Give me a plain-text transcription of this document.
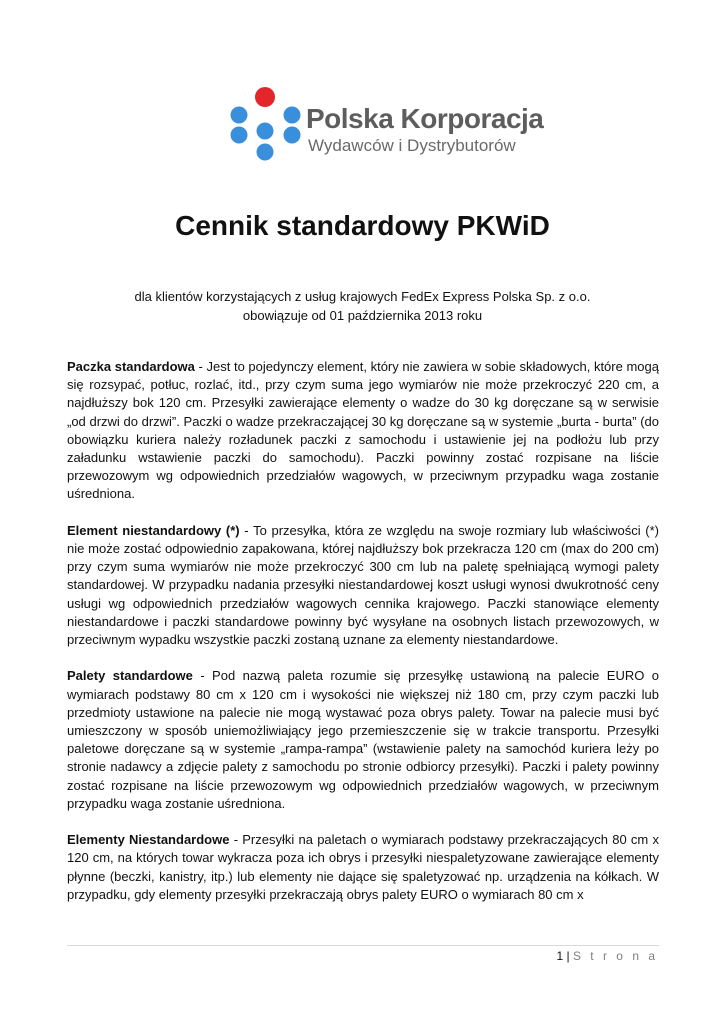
Polska Korporacja
Wydawców i Dystrybutorów
Cennik standardowy PKWiD
dla klientów korzystających z usług krajowych FedEx Express Polska Sp. z o.o.
obowiązuje od 01 października 2013 roku

Paczka standardowa - Jest to pojedynczy element, który nie zawiera w sobie składowych, które mogą się rozsypać, potłuc, rozlać, itd., przy czym suma jego wymiarów nie może przekroczyć 220 cm, a najdłuższy bok 120 cm. Przesyłki zawierające elementy o wadze do 30 kg doręczane są w serwisie „od drzwi do drzwi”. Paczki o wadze przekraczającej 30 kg doręczane są w systemie „burta - burta” (do obowiązku kuriera należy rozładunek paczki z samochodu i ustawienie jej na podłożu lub przy załadunku wstawienie paczki do samochodu). Paczki powinny zostać rozpisane na liście przewozowym wg odpowiednich przedziałów wagowych, w przeciwnym przypadku waga zostanie uśredniona.

Element niestandardowy (*) - To przesyłka, która ze względu na swoje rozmiary lub właściwości (*) nie może zostać odpowiednio zapakowana, której najdłuższy bok przekracza 120 cm (max do 200 cm) przy czym suma wymiarów nie może przekroczyć 300 cm lub na paletę spełniającą wymogi palety standardowej. W przypadku nadania przesyłki niestandardowej koszt usługi wynosi dwukrotność ceny usługi wg odpowiednich przedziałów wagowych cennika krajowego. Paczki stanowiące elementy niestandardowe i paczki standardowe powinny być wysyłane na osobnych listach przewozowych, w przeciwnym wypadku wszystkie paczki zostaną uznane za elementy niestandardowe.

Palety standardowe - Pod nazwą paleta rozumie się przesyłkę ustawioną na palecie EURO o wymiarach podstawy 80 cm x 120 cm i wysokości nie większej niż 180 cm, przy czym paczki lub przedmioty ustawione na palecie nie mogą wystawać poza obrys palety. Towar na palecie musi być umieszczony w sposób uniemożliwiający jego przemieszczenie się w trakcie transportu. Przesyłki paletowe doręczane są w systemie „rampa-rampa” (wstawienie palety na samochód kuriera leży po stronie nadawcy a zdjęcie palety z samochodu po stronie odbiorcy przesyłki). Paczki i palety powinny zostać rozpisane na liście przewozowym wg odpowiednich przedziałów wagowych, w przeciwnym przypadku waga zostanie uśredniona.

Elementy Niestandardowe - Przesyłki na paletach o wymiarach podstawy przekraczających 80 cm x 120 cm, na których towar wykracza poza ich obrys i przesyłki niespaletyzowane zawierające elementy płynne (beczki, kanistry, itp.) lub elementy nie dające się spaletyzować np. urządzenia na kółkach. W przypadku, gdy elementy przesyłki przekraczają obrys palety EURO o wymiarach 80 cm x

1 | S t r o n a
